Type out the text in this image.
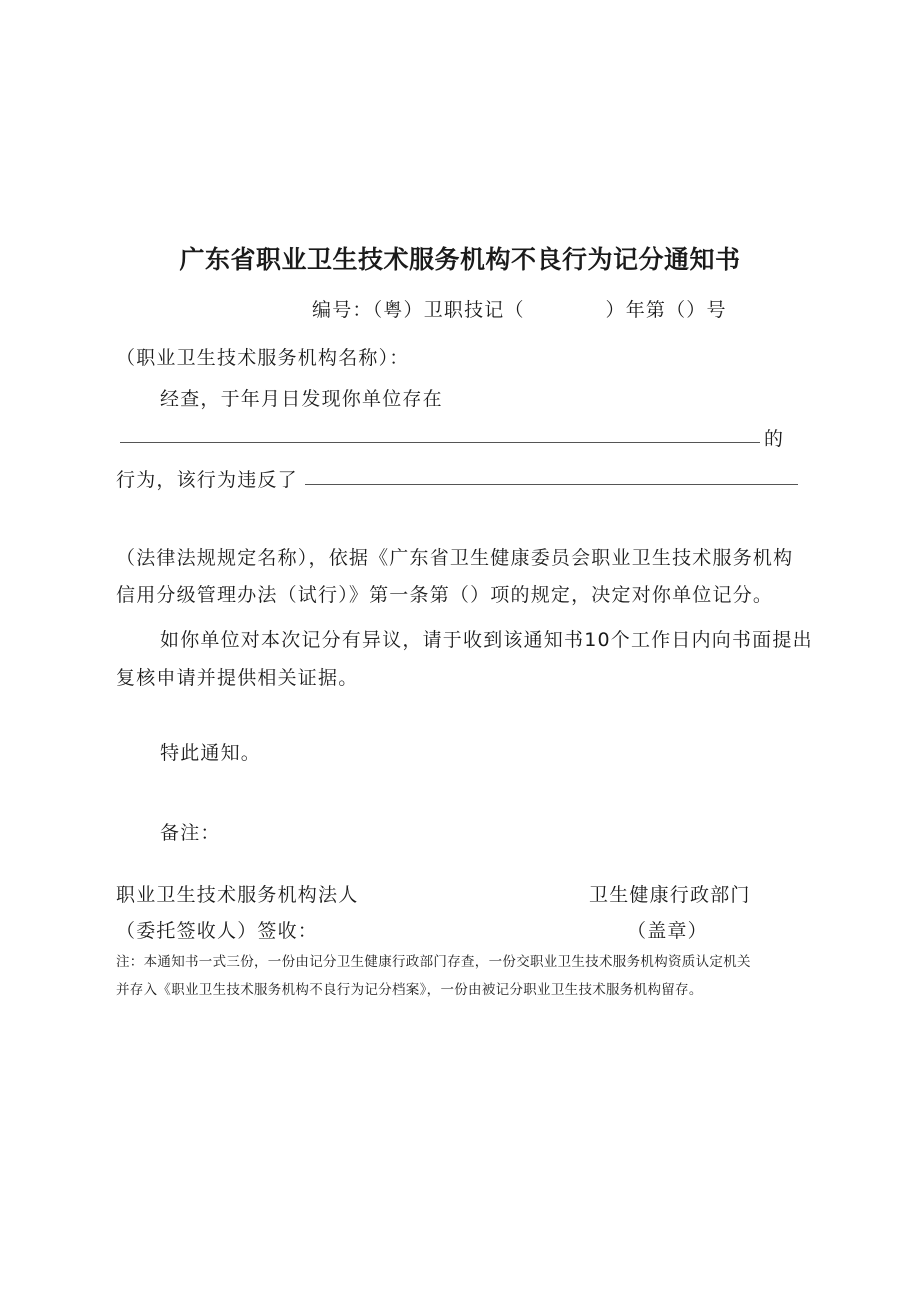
广东省职业卫生技术服务机构不良行为记分通知书
编号：（粤）卫职技记（　　　　）年第（）号
（职业卫生技术服务机构名称）：
经查，于年月日发现你单位存在
的
行为，该行为违反了
（法律法规规定名称），依据《广东省卫生健康委员会职业卫生技术服务机构
信用分级管理办法（试行）》第一条第（）项的规定，决定对你单位记分。
如你单位对本次记分有异议，请于收到该通知书10个工作日内向书面提出
复核申请并提供相关证据。
特此通知。
备注：
职业卫生技术服务机构法人
（委托签收人）签收：
卫生健康行政部门
（盖章）
注：本通知书一式三份，一份由记分卫生健康行政部门存查，一份交职业卫生技术服务机构资质认定机关
并存入《职业卫生技术服务机构不良行为记分档案》，一份由被记分职业卫生技术服务机构留存。
